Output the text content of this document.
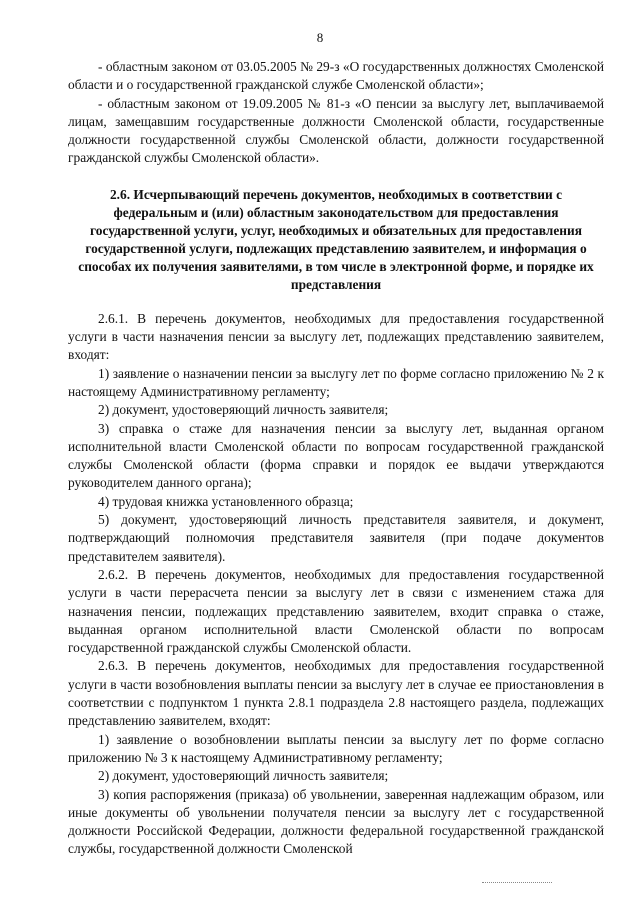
8

- областным законом от 03.05.2005 № 29-з «О государственных должностях Смоленской области и о государственной гражданской службе Смоленской области»;

- областным законом от 19.09.2005 № 81-з «О пенсии за выслугу лет, выплачиваемой лицам, замещавшим государственные должности Смоленской области, государственные должности государственной службы Смоленской области, должности государственной гражданской службы Смоленской области».

2.6. Исчерпывающий перечень документов, необходимых в соответствии с федеральным и (или) областным законодательством для предоставления государственной услуги, услуг, необходимых и обязательных для предоставления государственной услуги, подлежащих представлению заявителем, и информация о способах их получения заявителями, в том числе в электронной форме, и порядке их представления

2.6.1. В перечень документов, необходимых для предоставления государственной услуги в части назначения пенсии за выслугу лет, подлежащих представлению заявителем, входят:

1) заявление о назначении пенсии за выслугу лет по форме согласно приложению № 2 к настоящему Административному регламенту;

2) документ, удостоверяющий личность заявителя;

3) справка о стаже для назначения пенсии за выслугу лет, выданная органом исполнительной власти Смоленской области по вопросам государственной гражданской службы Смоленской области (форма справки и порядок ее выдачи утверждаются руководителем данного органа);

4) трудовая книжка установленного образца;

5) документ, удостоверяющий личность представителя заявителя, и документ, подтверждающий полномочия представителя заявителя (при подаче документов представителем заявителя).

2.6.2. В перечень документов, необходимых для предоставления государственной услуги в части перерасчета пенсии за выслугу лет в связи с изменением стажа для назначения пенсии, подлежащих представлению заявителем, входит справка о стаже, выданная органом исполнительной власти Смоленской области по вопросам государственной гражданской службы Смоленской области.

2.6.3. В перечень документов, необходимых для предоставления государственной услуги в части возобновления выплаты пенсии за выслугу лет в случае ее приостановления в соответствии с подпунктом 1 пункта 2.8.1 подраздела 2.8 настоящего раздела, подлежащих представлению заявителем, входят:

1) заявление о возобновлении выплаты пенсии за выслугу лет по форме согласно приложению № 3 к настоящему Административному регламенту;

2) документ, удостоверяющий личность заявителя;

3) копия распоряжения (приказа) об увольнении, заверенная надлежащим образом, или иные документы об увольнении получателя пенсии за выслугу лет с государственной должности Российской Федерации, должности федеральной государственной гражданской службы, государственной должности Смоленской
